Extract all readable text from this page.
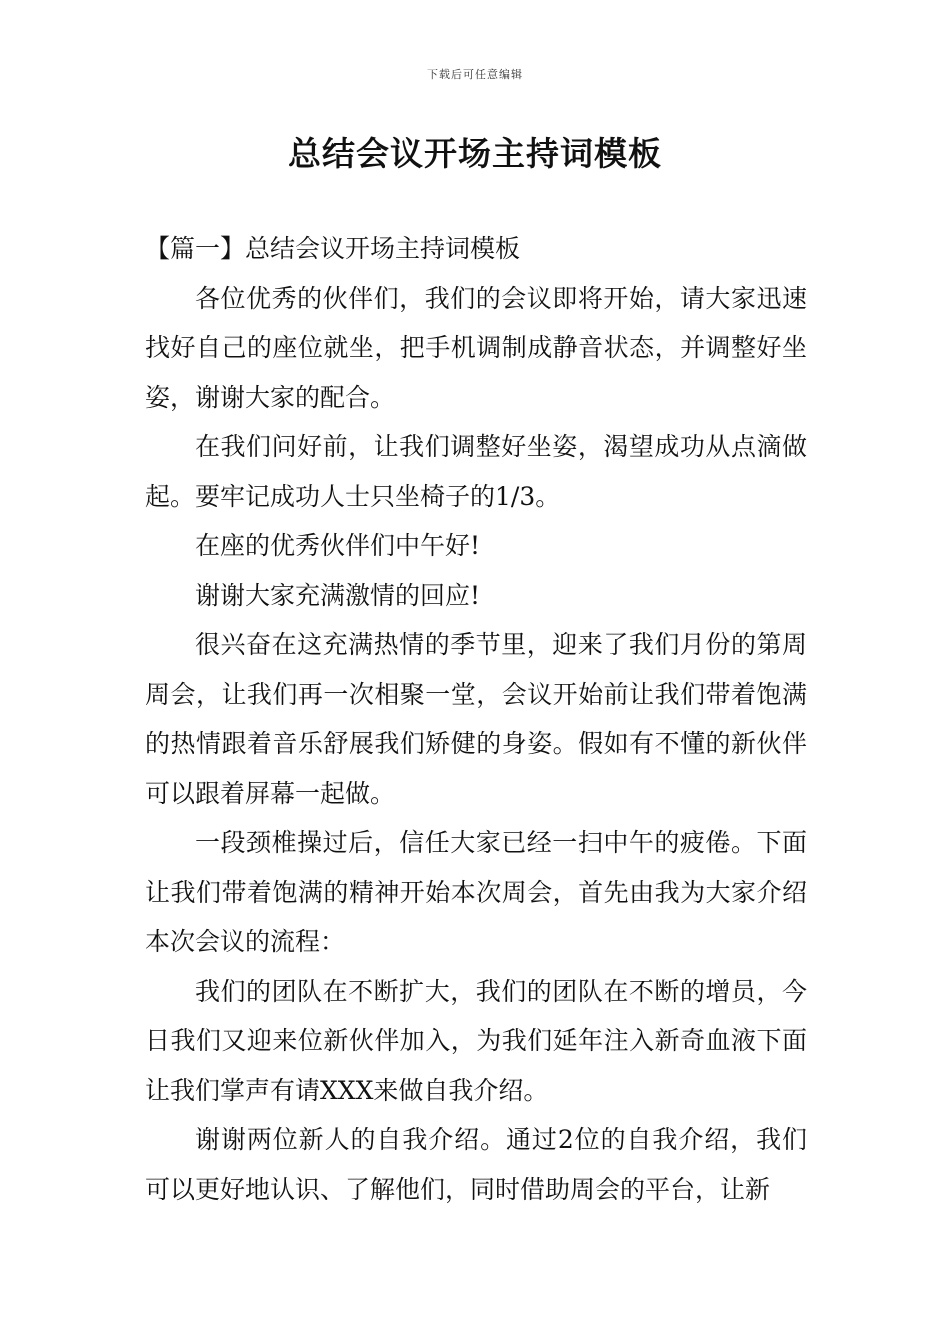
下载后可任意编辑
总结会议开场主持词模板

【篇一】总结会议开场主持词模板

各位优秀的伙伴们，我们的会议即将开始，请大家迅速找好自己的座位就坐，把手机调制成静音状态，并调整好坐姿，谢谢大家的配合。

在我们问好前，让我们调整好坐姿，渴望成功从点滴做起。要牢记成功人士只坐椅子的1/3。

在座的优秀伙伴们中午好!

谢谢大家充满激情的回应!

很兴奋在这充满热情的季节里，迎来了我们月份的第周周会，让我们再一次相聚一堂，会议开始前让我们带着饱满的热情跟着音乐舒展我们矫健的身姿。假如有不懂的新伙伴可以跟着屏幕一起做。

一段颈椎操过后，信任大家已经一扫中午的疲倦。下面让我们带着饱满的精神开始本次周会，首先由我为大家介绍本次会议的流程：

我们的团队在不断扩大，我们的团队在不断的增员，今日我们又迎来位新伙伴加入，为我们延年注入新奇血液下面让我们掌声有请XXX来做自我介绍。

谢谢两位新人的自我介绍。通过2位的自我介绍，我们可以更好地认识、了解他们，同时借助周会的平台，让新
